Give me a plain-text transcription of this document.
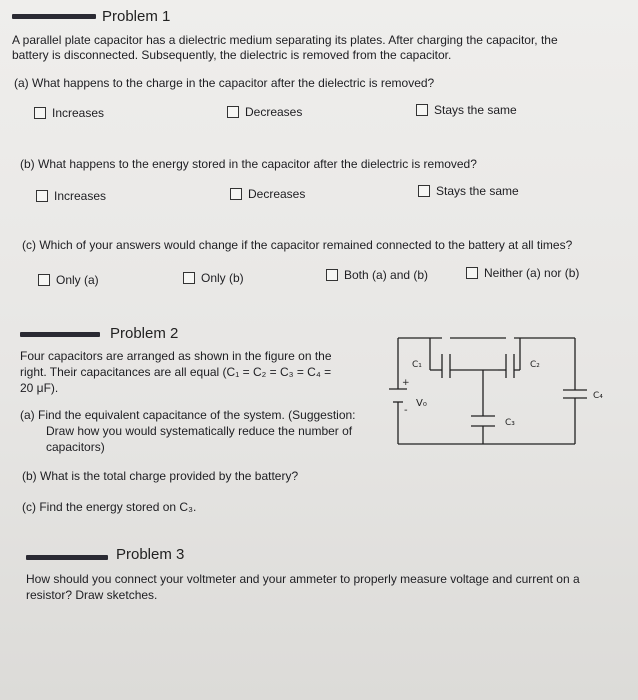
Problem 1
A parallel plate capacitor has a dielectric medium separating its plates. After charging the capacitor, the
battery is disconnected. Subsequently, the dielectric is removed from the capacitor.
(a) What happens to the charge in the capacitor after the dielectric is removed?
Increases	Decreases	Stays the same
(b) What happens to the energy stored in the capacitor after the dielectric is removed?
Increases	Decreases	Stays the same
(c) Which of your answers would change if the capacitor remained connected to the battery at all times?
Only (a)	Only (b)	Both (a) and (b)	Neither (a) nor (b)
Problem 2
Four capacitors are arranged as shown in the figure on the
right. Their capacitances are all equal (C₁ = C₂ = C₃ = C₄ =
20 μF).
(a) Find the equivalent capacitance of the system. (Suggestion:
Draw how you would systematically reduce the number of
capacitors)
(b) What is the total charge provided by the battery?
(c) Find the energy stored on C₃.
C₁	C₂
C₃
C₄
V₀
+
-
Problem 3
How should you connect your voltmeter and your ammeter to properly measure voltage and current on a
resistor? Draw sketches.
